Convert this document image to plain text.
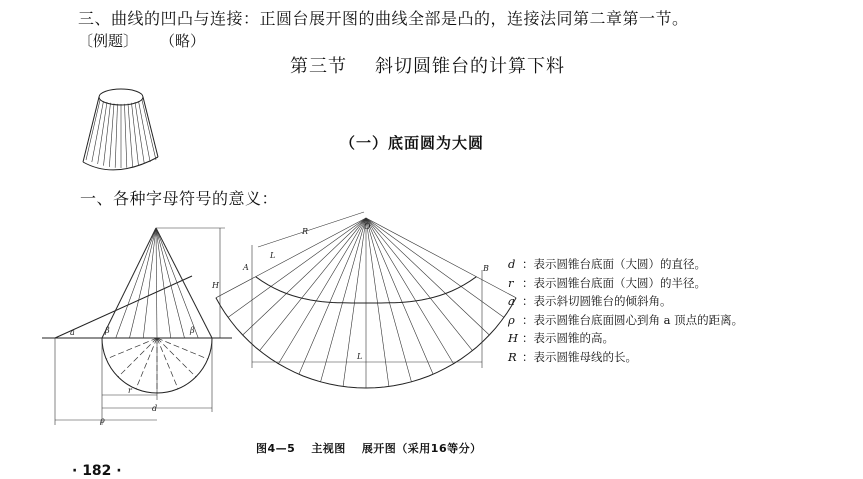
三、曲线的凹凸与连接：正圆台展开图的曲线全部是凸的，连接法同第二章第一节。
〔例题〕 （略）
第三节 斜切圆锥台的计算下料
（一）底面圆为大圆
一、各种字母符号的意义：
d ：表示圆锥台底面（大圆）的直径。
r ：表示圆锥台底面（大圆）的半径。
a ：表示斜切圆锥台的倾斜角。
ρ ：表示圆锥台底面圆心到角 a 顶点的距离。
H ：表示圆锥的高。
R ：表示圆锥母线的长。
图4—5 主视图 展开图（采用16等分）
· 182 ·
H
r
d
ρ
a	β	β
O
A	B
R
L
L
